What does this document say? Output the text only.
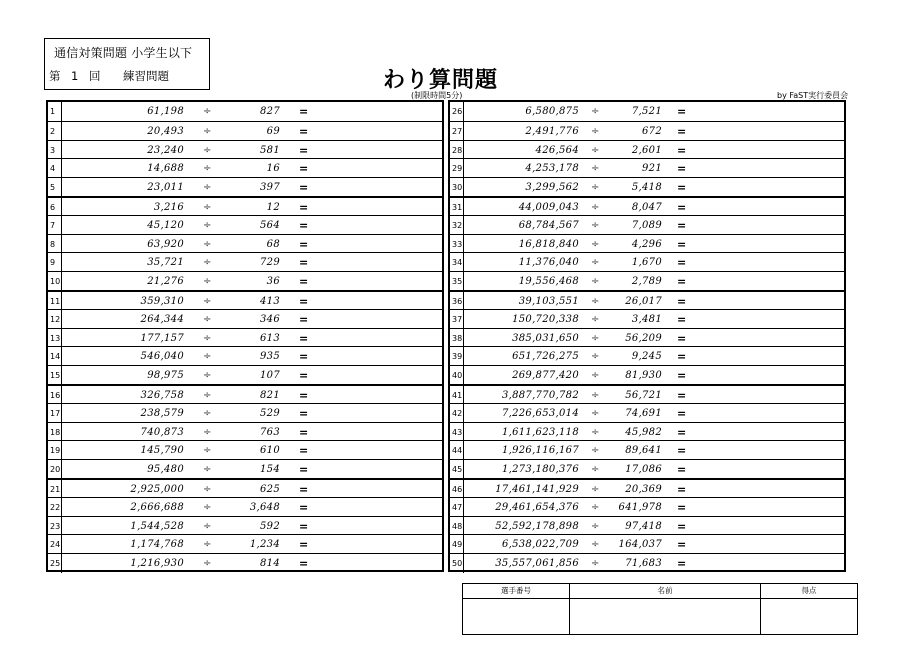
通信対策問題 小学生以下
第 1 回 練習問題	わり算問題
(制限時間5分)	by FaST実行委員会
1	61,198 ÷	827 =
2	20,493 ÷	69 =
3	23,240 ÷	581 =
4	14,688 ÷	16 =
5	23,011 ÷	397 =
6	3,216 ÷	12 =
7	45,120 ÷	564 =
8	63,920 ÷	68 =
9	35,721 ÷	729 =
10	21,276 ÷	36 =
11	359,310 ÷	413 =
12	264,344 ÷	346 =
13	177,157 ÷	613 =
14	546,040 ÷	935 =
15	98,975 ÷	107 =
16	326,758 ÷	821 =
17	238,579 ÷	529 =
18	740,873 ÷	763 =
19	145,790 ÷	610 =
20	95,480 ÷	154 =
21	2,925,000 ÷	625 =
22	2,666,688 ÷	3,648 =
23	1,544,528 ÷	592 =
24	1,174,768 ÷	1,234 =
25	1,216,930 ÷	814 =
26	6,580,875 ÷	7,521 =
27	2,491,776 ÷	672 =
28	426,564 ÷	2,601 =
29	4,253,178 ÷	921 =
30	3,299,562 ÷	5,418 =
31	44,009,043 ÷	8,047 =
32	68,784,567 ÷	7,089 =
33	16,818,840 ÷	4,296 =
34	11,376,040 ÷	1,670 =
35	19,556,468 ÷	2,789 =
36	39,103,551 ÷	26,017 =
37	150,720,338 ÷	3,481 =
38	385,031,650 ÷	56,209 =
39	651,726,275 ÷	9,245 =
40	269,877,420 ÷	81,930 =
41	3,887,770,782 ÷	56,721 =
42	7,226,653,014 ÷	74,691 =
43	1,611,623,118 ÷	45,982 =
44	1,926,116,167 ÷	89,641 =
45	1,273,180,376 ÷	17,086 =
46	17,461,141,929 ÷	20,369 =
47	29,461,654,376 ÷ 641,978 =
48	52,592,178,898 ÷	97,418 =
49	6,538,022,709 ÷ 164,037 =
50	35,557,061,856 ÷	71,683 =
選手番号	名前	得点
